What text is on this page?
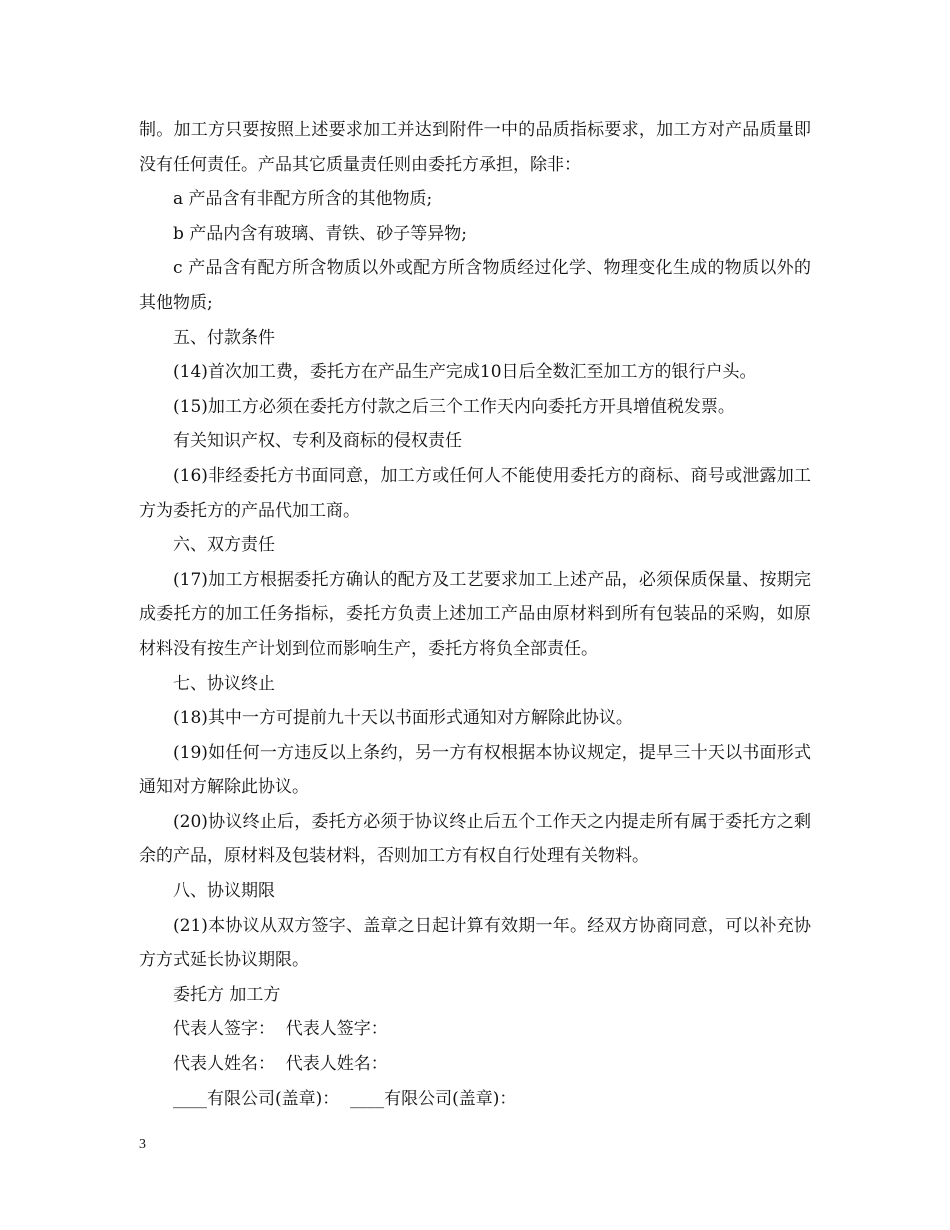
制。加工方只要按照上述要求加工并达到附件一中的品质指标要求，加工方对产品质量即没有任何责任。产品其它质量责任则由委托方承担，除非：

a 产品含有非配方所含的其他物质;

b 产品内含有玻璃、青铁、砂子等异物;

c 产品含有配方所含物质以外或配方所含物质经过化学、物理变化生成的物质以外的其他物质;

五、付款条件

(14)首次加工费，委托方在产品生产完成10日后全数汇至加工方的银行户头。

(15)加工方必须在委托方付款之后三个工作天内向委托方开具增值税发票。

有关知识产权、专利及商标的侵权责任

(16)非经委托方书面同意，加工方或任何人不能使用委托方的商标、商号或泄露加工方为委托方的产品代加工商。

六、双方责任

(17)加工方根据委托方确认的配方及工艺要求加工上述产品，必须保质保量、按期完成委托方的加工任务指标，委托方负责上述加工产品由原材料到所有包装品的采购，如原材料没有按生产计划到位而影响生产，委托方将负全部责任。

七、协议终止

(18)其中一方可提前九十天以书面形式通知对方解除此协议。

(19)如任何一方违反以上条约，另一方有权根据本协议规定，提早三十天以书面形式通知对方解除此协议。

(20)协议终止后，委托方必须于协议终止后五个工作天之内提走所有属于委托方之剩余的产品，原材料及包装材料，否则加工方有权自行处理有关物料。

八、协议期限

(21)本协议从双方签字、盖章之日起计算有效期一年。经双方协商同意，可以补充协方方式延长协议期限。

委托方 加工方

代表人签字：  代表人签字：

代表人姓名：  代表人姓名：

____有限公司(盖章)：  ____有限公司(盖章)：

3
